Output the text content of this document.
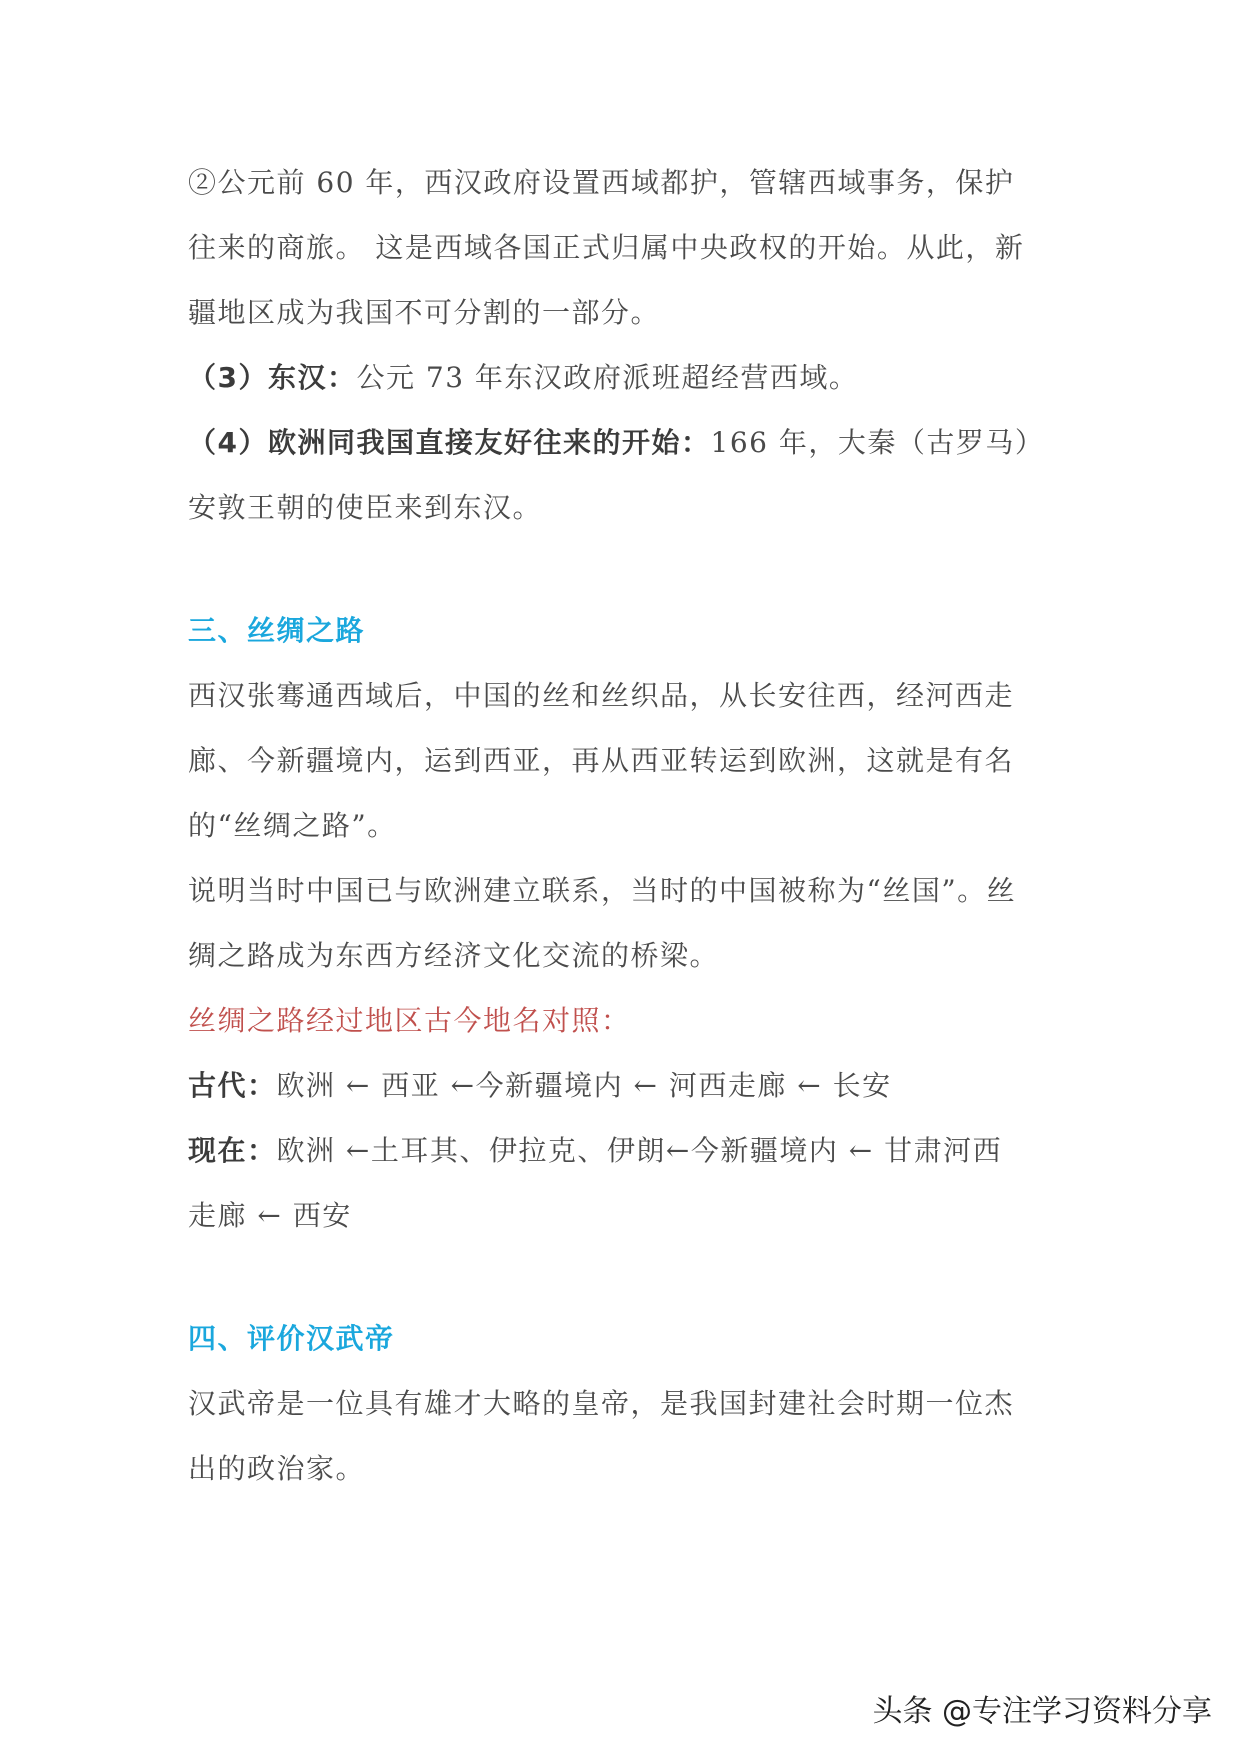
②公元前 60 年，西汉政府设置西域都护，管辖西域事务，保护

往来的商旅。 这是西域各国正式归属中央政权的开始。从此，新

疆地区成为我国不可分割的一部分。

（3）东汉：公元 73 年东汉政府派班超经营西域。

（4）欧洲同我国直接友好往来的开始：166 年，大秦（古罗马）

安敦王朝的使臣来到东汉。

三、丝绸之路

西汉张骞通西域后，中国的丝和丝织品，从长安往西，经河西走

廊、今新疆境内，运到西亚，再从西亚转运到欧洲，这就是有名

的“丝绸之路”。

说明当时中国已与欧洲建立联系，当时的中国被称为“丝国”。丝

绸之路成为东西方经济文化交流的桥梁。

丝绸之路经过地区古今地名对照：

古代：欧洲 ← 西亚 ←今新疆境内 ← 河西走廊 ← 长安

现在：欧洲 ←土耳其、伊拉克、伊朗←今新疆境内 ← 甘肃河西

走廊 ← 西安

四、评价汉武帝

汉武帝是一位具有雄才大略的皇帝，是我国封建社会时期一位杰

出的政治家。

头条 @专注学习资料分享
